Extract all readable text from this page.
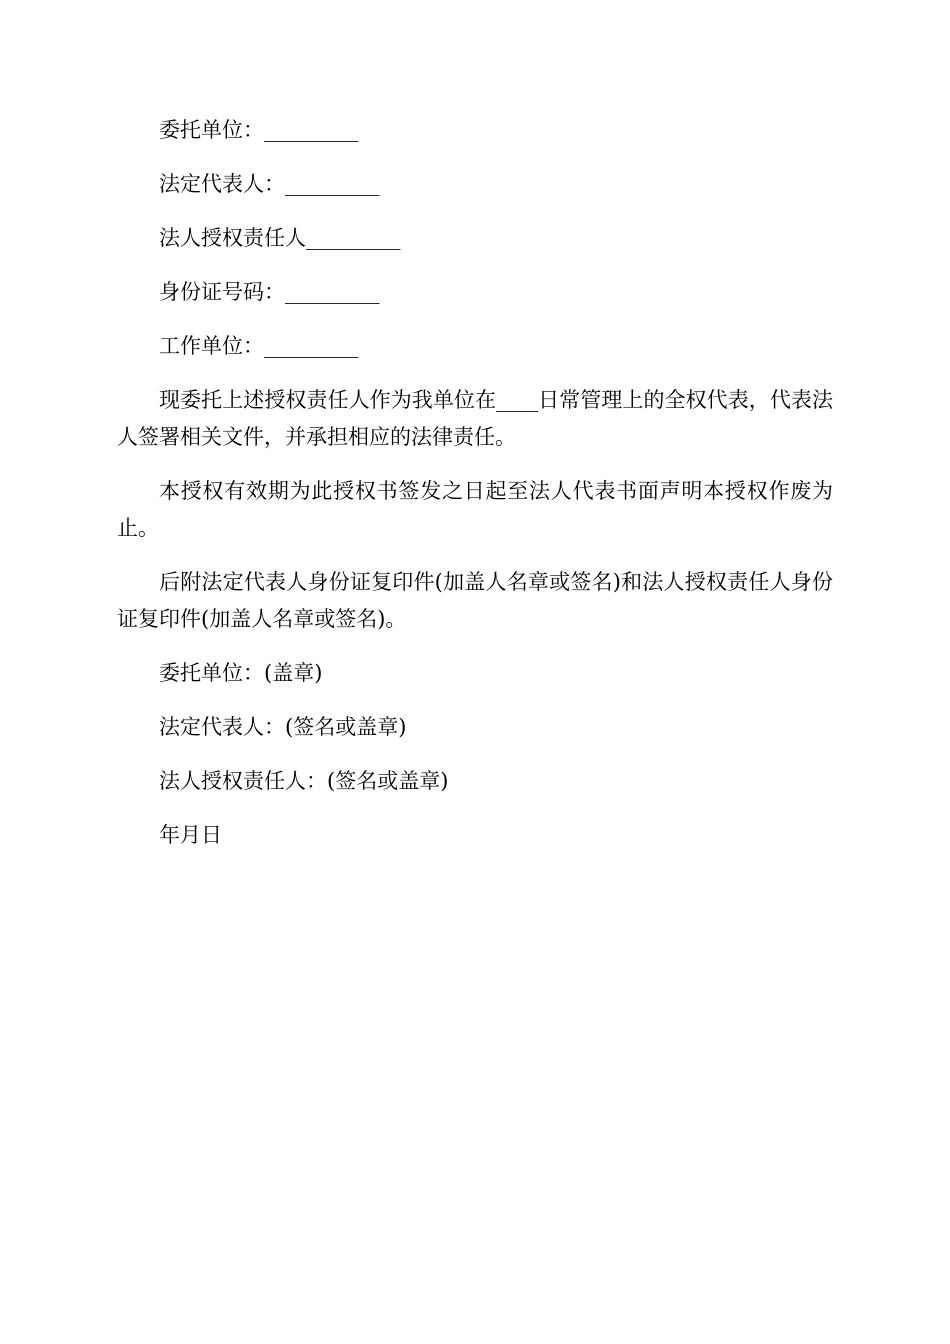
委托单位：_________

法定代表人：_________

法人授权责任人_________

身份证号码：_________

工作单位：_________

现委托上述授权责任人作为我单位在____日常管理上的全权代表，代表法人签署相关文件，并承担相应的法律责任。

本授权有效期为此授权书签发之日起至法人代表书面声明本授权作废为止。

后附法定代表人身份证复印件(加盖人名章或签名)和法人授权责任人身份证复印件(加盖人名章或签名)。

委托单位：(盖章)

法定代表人：(签名或盖章)

法人授权责任人：(签名或盖章)

年月日
